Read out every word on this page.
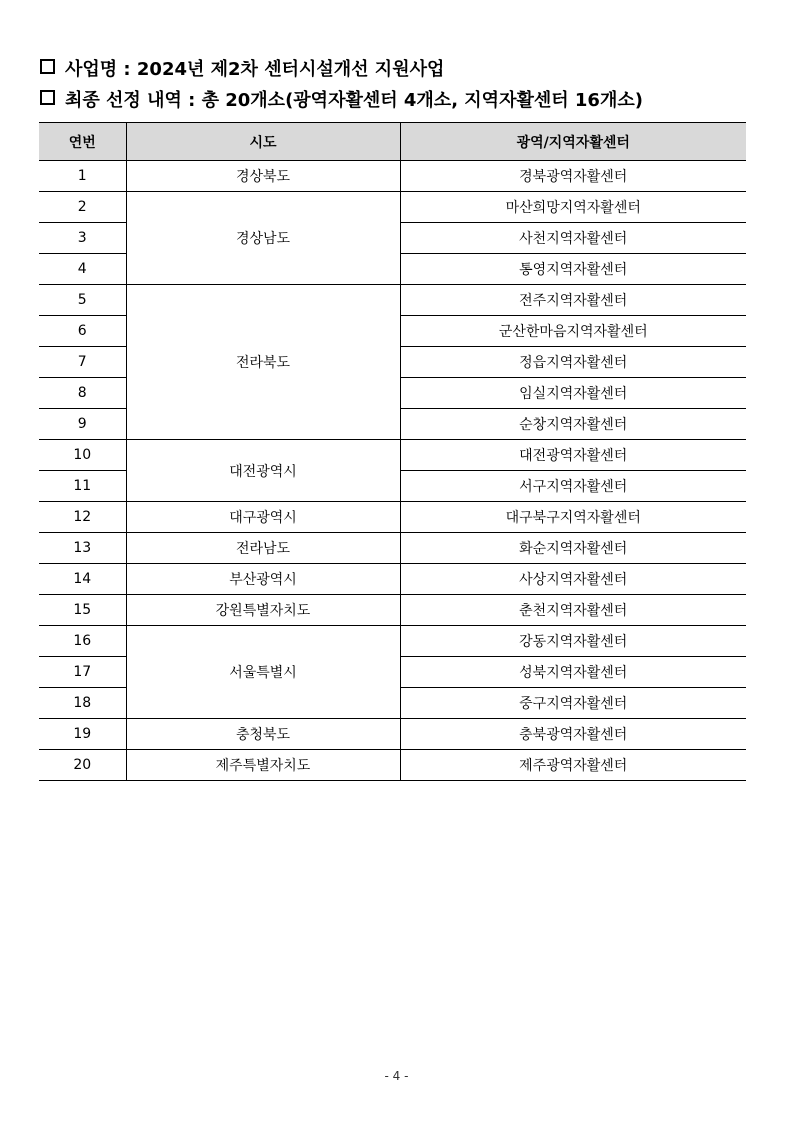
사업명 : 2024년 제2차 센터시설개선 지원사업
최종 선정 내역 : 총 20개소(광역자활센터 4개소, 지역자활센터 16개소)
연번	시도	광역/지역자활센터
1	경상북도	경북광역자활센터
2	경상남도	마산희망지역자활센터
3		사천지역자활센터
4		통영지역자활센터
5	전라북도	전주지역자활센터
6		군산한마음지역자활센터
7		정읍지역자활센터
8		임실지역자활센터
9		순창지역자활센터
10	대전광역시	대전광역자활센터
11		서구지역자활센터
12	대구광역시	대구북구지역자활센터
13	전라남도	화순지역자활센터
14	부산광역시	사상지역자활센터
15	강원특별자치도	춘천지역자활센터
16	서울특별시	강동지역자활센터
17		성북지역자활센터
18		중구지역자활센터
19	충청북도	충북광역자활센터
20	제주특별자치도	제주광역자활센터
- 4 -
